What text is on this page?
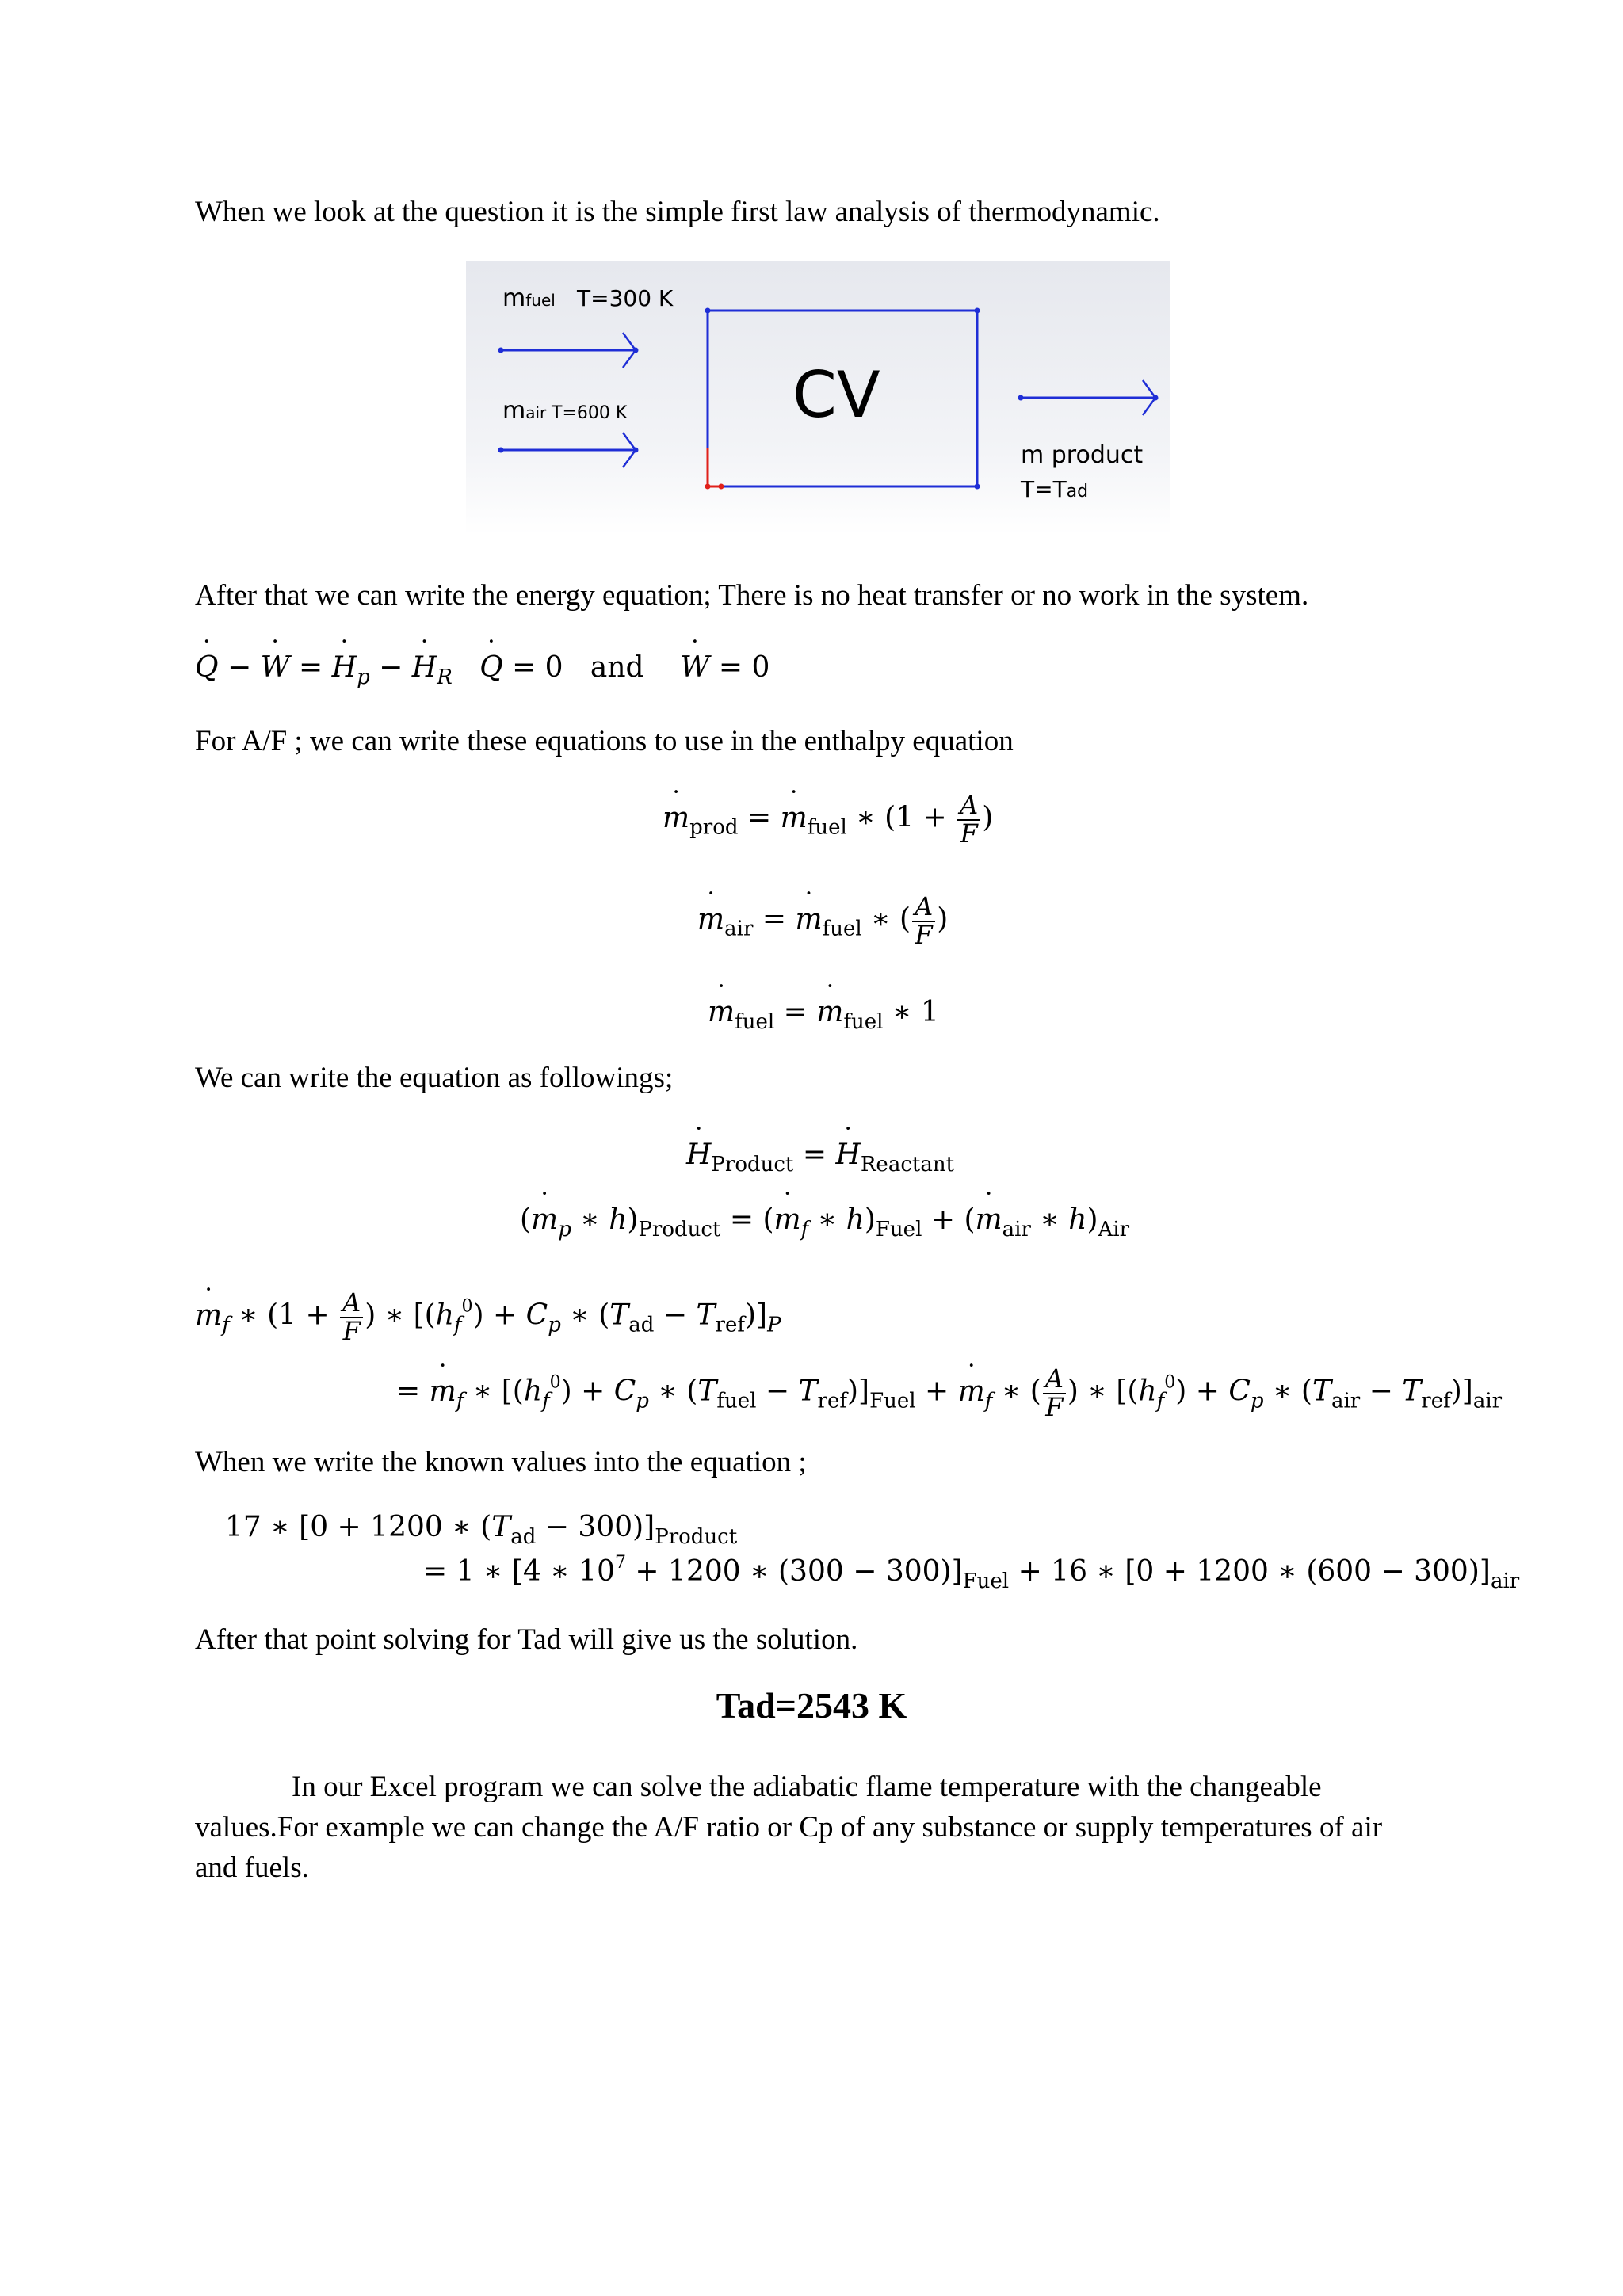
When we look at the question it is the simple first law analysis of thermodynamic.
mfuel T=300 K
mair T=600 K	CV
m product
T=Tad
After that we can write the energy equation; There is no heat transfer or no work in the system.
˙ Q − ˙ W = ˙ $H_p$ − ˙ $H_R$   ˙ Q = 0   and    ˙ W = 0
For A/F ; we can write these equations to use in the enthalpy equation
˙ $m_{prod}$ = ˙ $m_{fuel}$ ∗ ($1 + \frac{A}{F}$ )
˙ $m_{air}$ = ˙ $m_{fuel}$ ∗ ( $\frac{A}{F}$ )
˙ $m_{fuel}$ = ˙ $m_{fuel}$ ∗ 1
We can write the equation as followings;
˙ $H_{Product}$ = ˙ $H_{Reactant}$
(˙ $m_p$ ∗ $h)_{Product}$ = (˙ $m_f$ ∗ $h)_{Fuel}$ + (˙ $m_{air}$ ∗ $h)_{Air}$
˙ $m_f$ ∗ ($1 + \frac{A}{F}$ ) ∗ [$(h_f^0) + C_p$ ∗ $(T_{ad} - T_{ref})]_P$
= ˙ $m_f$ ∗ [$(h_f^0) + C_p$ ∗ $(T_{fuel} - T_{ref})]_{Fuel}$ + ˙ $m_f$ ∗ ( $\frac{A}{F}$ ) ∗ [$(h_f^0) + C_p$ ∗ $(T_{air} - T_{ref})]_{air}$
When we write the known values into the equation ;
17 ∗ [0 + 1200 ∗ $(T_{ad} - 300)]_{Product}$
= 1 ∗ [4 ∗ $10^7 + 1200$ ∗ $(300 - 300)]_{Fuel} + 16$ ∗ [0 + 1200 ∗ $(600 - 300)]_{air}$
After that point solving for Tad will give us the solution.
Tad=2543 K
In our Excel program we can solve the adiabatic flame temperature with the changeable values.For example we can change the A/F ratio or Cp of any substance or supply temperatures of air and fuels.
